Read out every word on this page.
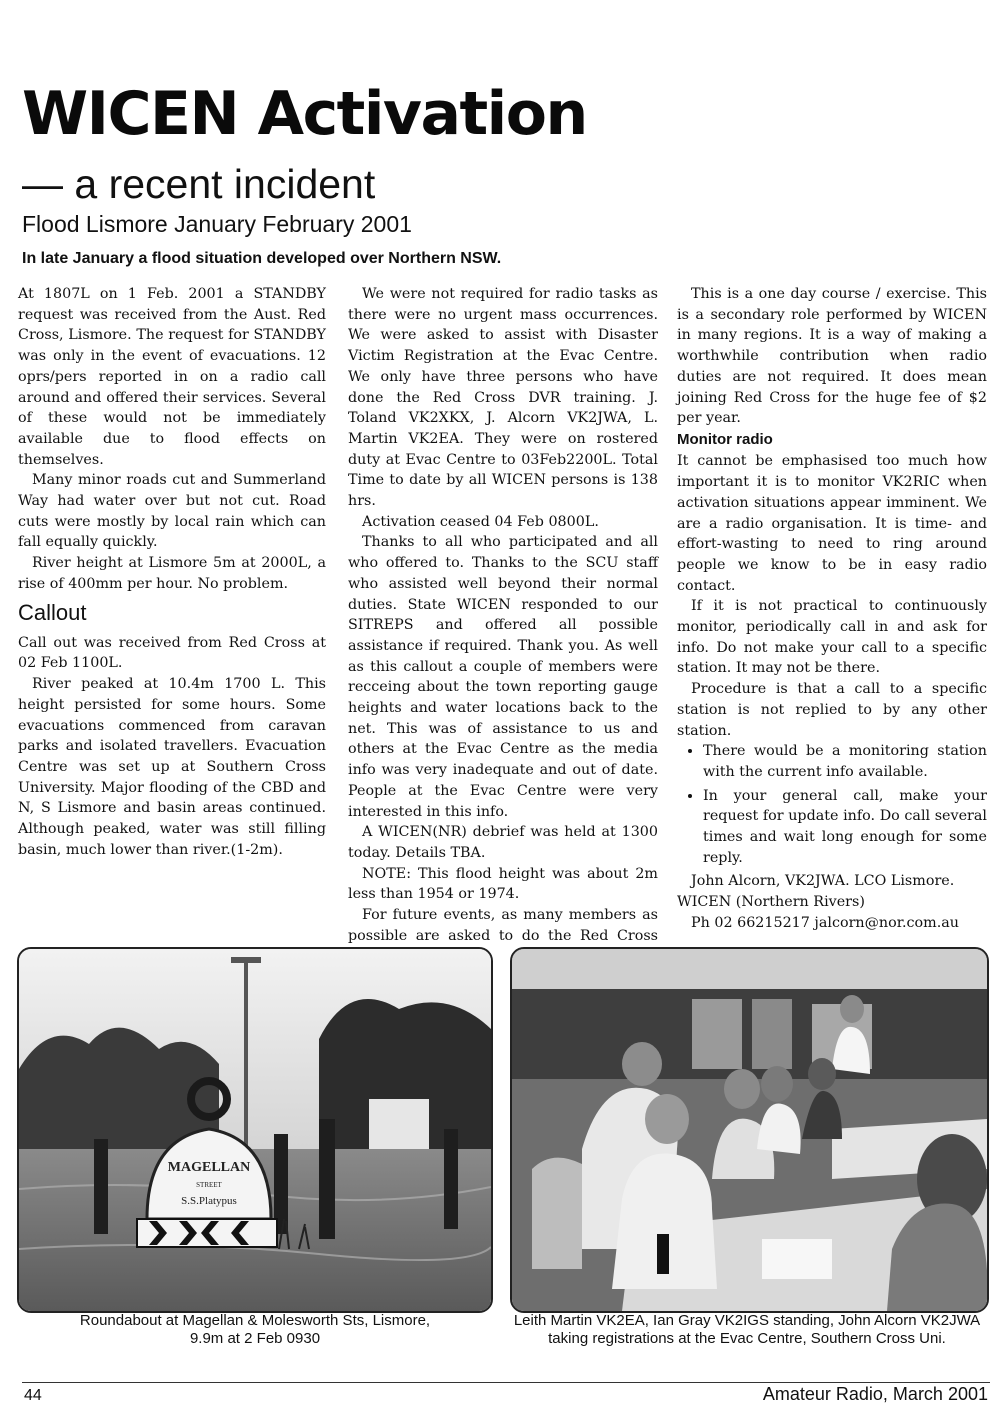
WICEN Activation

— a recent incident

Flood Lismore January February 2001

In late January a flood situation developed over Northern NSW.

At 1807L on 1 Feb. 2001 a STANDBY request was received from the Aust. Red Cross, Lismore. The request for STANDBY was only in the event of evacuations. 12 oprs/pers reported in on a radio call around and offered their services. Several of these would not be immediately available due to flood effects on themselves.

Many minor roads cut and Summerland Way had water over but not cut. Road cuts were mostly by local rain which can fall equally quickly.

River height at Lismore 5m at 2000L, a rise of 400mm per hour. No problem.

Callout

Call out was received from Red Cross at 02 Feb 1100L.

River peaked at 10.4m 1700 L. This height persisted for some hours. Some evacuations commenced from caravan parks and isolated travellers. Evacuation Centre was set up at Southern Cross University. Major flooding of the CBD and N, S Lismore and basin areas continued. Although peaked, water was still filling basin, much lower than river.(1-2m).

We were not required for radio tasks as there were no urgent mass occurrences. We were asked to assist with Disaster Victim Registration at the Evac Centre. We only have three persons who have done the Red Cross DVR training. J. Toland VK2XKX, J. Alcorn VK2JWA, L. Martin VK2EA. They were on rostered duty at Evac Centre to 03Feb2200L. Total Time to date by all WICEN persons is 138 hrs.

Activation ceased 04 Feb 0800L.

Thanks to all who participated and all who offered to. Thanks to the SCU staff who assisted well beyond their normal duties. State WICEN responded to our SITREPS and offered all possible assistance if required. Thank you. As well as this callout a couple of members were recceing about the town reporting gauge heights and water locations back to the net. This was of assistance to us and others at the Evac Centre as the media info was very inadequate and out of date. People at the Evac Centre were very interested in this info.

A WICEN(NR) debrief was held at 1300 today. Details TBA.

NOTE: This flood height was about 2m less than 1954 or 1974.

For future events, as many members as possible are asked to do the Red Cross

This is a one day course / exercise. This is a secondary role performed by WICEN in many regions. It is a way of making a worthwhile contribution when radio duties are not required. It does mean joining Red Cross for the huge fee of $2 per year.

Monitor radio

It cannot be emphasised too much how important it is to monitor VK2RIC when activation situations appear imminent. We are a radio organisation. It is time- and effort-wasting to need to ring around people we know to be in easy radio contact.

If it is not practical to continuously monitor, periodically call in and ask for info. Do not make your call to a specific station. It may not be there.

Procedure is that a call to a specific station is not replied to by any other station.

• There would be a monitoring station with the current info available.
• In your general call, make your request for update info. Do call several times and wait long enough for some reply.

John Alcorn, VK2JWA. LCO Lismore.

WICEN (Northern Rivers)

Ph 02 66215217 jalcorn@nor.com.au

MAGELLAN
STREET
S.S.Platypus

Roundabout at Magellan & Molesworth Sts, Lismore, 9.9m at 2 Feb 0930

Leith Martin VK2EA, Ian Gray VK2IGS standing, John Alcorn VK2JWA taking registrations at the Evac Centre, Southern Cross Uni.

44	Amateur Radio, March 2001
